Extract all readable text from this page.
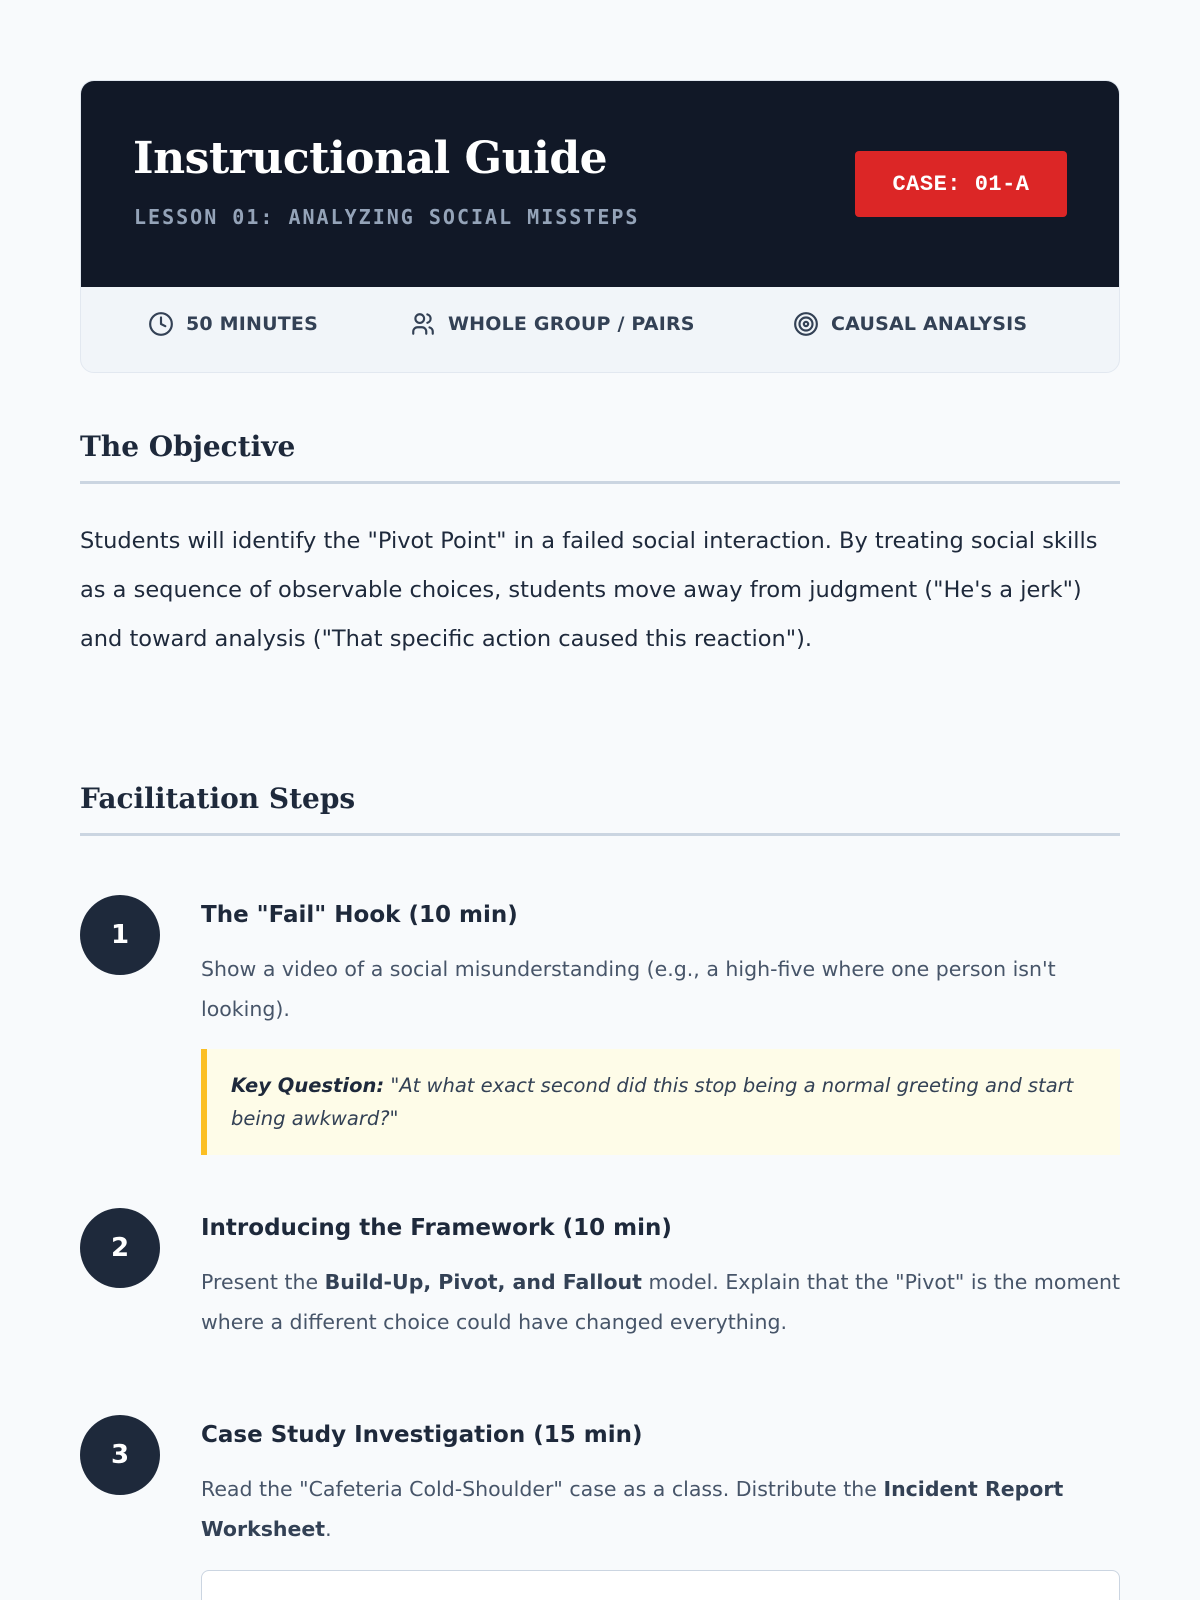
Instructional Guide
LESSON 01: ANALYZING SOCIAL MISSTEPS
CASE: 01-A
50 MINUTES	WHOLE GROUP / PAIRS	CAUSAL ANALYSIS
The Objective
Students will identify the "Pivot Point" in a failed social interaction. By treating social skills as a sequence of observable choices, students move away from judgment ("He's a jerk") and toward analysis ("That specific action caused this reaction").
Facilitation Steps
1
The "Fail" Hook (10 min)
Show a video of a social misunderstanding (e.g., a high-five where one person isn't looking).
Key Question: "At what exact second did this stop being a normal greeting and start being awkward?"
2
Introducing the Framework (10 min)
Present the Build-Up, Pivot, and Fallout model. Explain that the "Pivot" is the moment where a different choice could have changed everything.
3
Case Study Investigation (15 min)
Read the "Cafeteria Cold-Shoulder" case as a class. Distribute the Incident Report Worksheet.
